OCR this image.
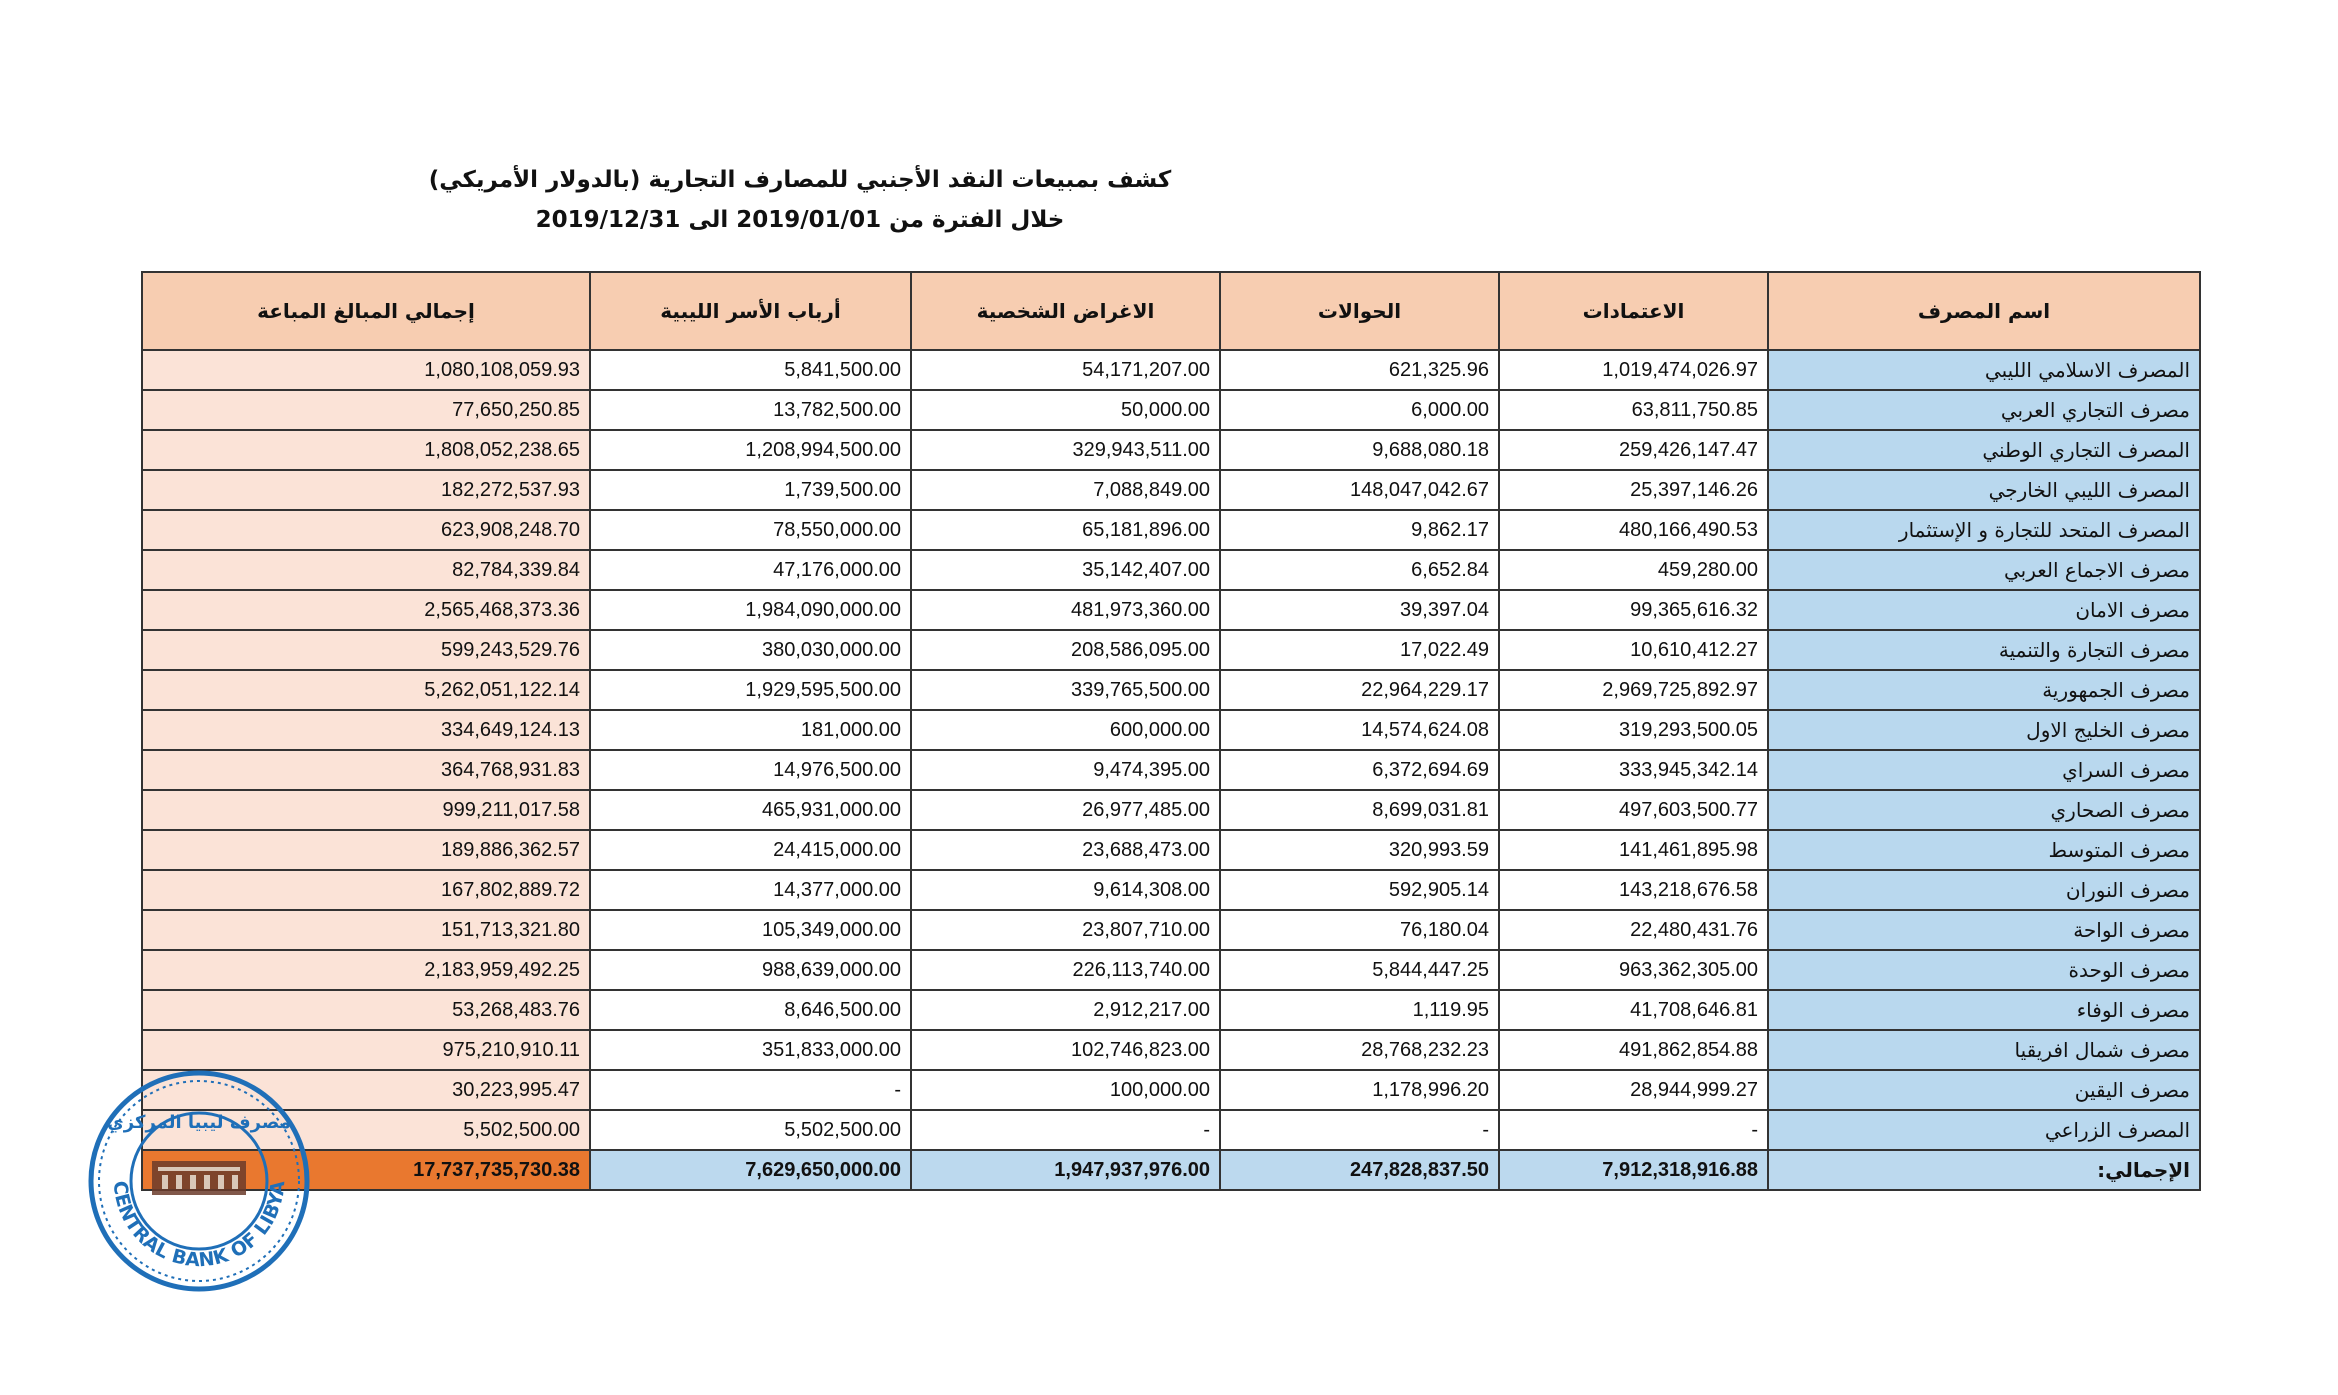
كشف بمبيعات النقد الأجنبي للمصارف التجارية (بالدولار الأمريكي)
خلال الفترة من 2019/01/01 الى 2019/12/31
إجمالي المبالغ المباعة	أرباب الأسر الليبية	الاغراض الشخصية	الحوالات	الاعتمادات	اسم المصرف
1,080,108,059.93	5,841,500.00	54,171,207.00	621,325.96	1,019,474,026.97	المصرف الاسلامي الليبي
77,650,250.85	13,782,500.00	50,000.00	6,000.00	63,811,750.85	مصرف التجاري العربي
1,808,052,238.65	1,208,994,500.00	329,943,511.00	9,688,080.18	259,426,147.47	المصرف التجاري الوطني
182,272,537.93	1,739,500.00	7,088,849.00	148,047,042.67	25,397,146.26	المصرف الليبي الخارجي
623,908,248.70	78,550,000.00	65,181,896.00	9,862.17	480,166,490.53	المصرف المتحد للتجارة و الإستثمار
82,784,339.84	47,176,000.00	35,142,407.00	6,652.84	459,280.00	مصرف الاجماع العربي
2,565,468,373.36	1,984,090,000.00	481,973,360.00	39,397.04	99,365,616.32	مصرف الامان
599,243,529.76	380,030,000.00	208,586,095.00	17,022.49	10,610,412.27	مصرف التجارة والتنمية
5,262,051,122.14	1,929,595,500.00	339,765,500.00	22,964,229.17	2,969,725,892.97	مصرف الجمهورية
334,649,124.13	181,000.00	600,000.00	14,574,624.08	319,293,500.05	مصرف الخليج الاول
364,768,931.83	14,976,500.00	9,474,395.00	6,372,694.69	333,945,342.14	مصرف السراي
999,211,017.58	465,931,000.00	26,977,485.00	8,699,031.81	497,603,500.77	مصرف الصحاري
189,886,362.57	24,415,000.00	23,688,473.00	320,993.59	141,461,895.98	مصرف المتوسط
167,802,889.72	14,377,000.00	9,614,308.00	592,905.14	143,218,676.58	مصرف النوران
151,713,321.80	105,349,000.00	23,807,710.00	76,180.04	22,480,431.76	مصرف الواحة
2,183,959,492.25	988,639,000.00	226,113,740.00	5,844,447.25	963,362,305.00	مصرف الوحدة
53,268,483.76	8,646,500.00	2,912,217.00	1,119.95	41,708,646.81	مصرف الوفاء
975,210,910.11	351,833,000.00	102,746,823.00	28,768,232.23	491,862,854.88	مصرف شمال افريقيا
30,223,995.47	-	100,000.00	1,178,996.20	28,944,999.27	مصرف اليقين
5,502,500.00	5,502,500.00	-	-	-	المصرف الزراعي
17,737,735,730.38	7,629,650,000.00	1,947,937,976.00	247,828,837.50	7,912,318,916.88	الإجمالي:
CENTRAL BANK OF LIBYA
مصرف ليبيا المركزي
